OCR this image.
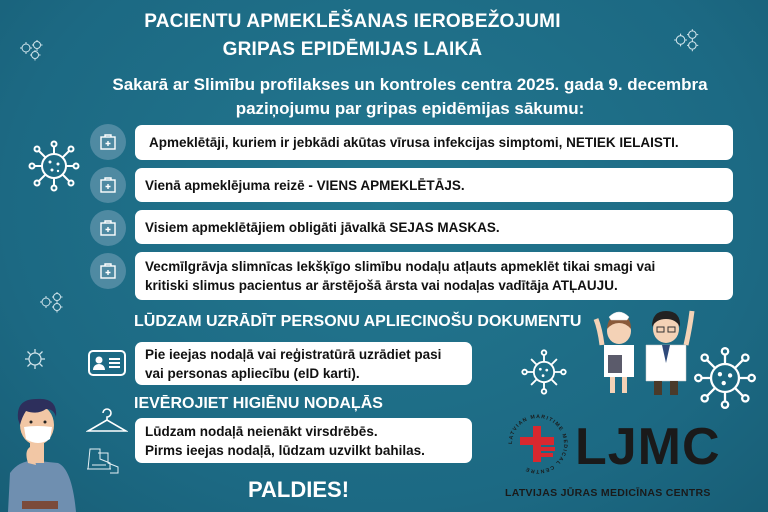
PACIENTU APMEKLĒŠANAS IEROBEŽOJUMI
GRIPAS EPIDĒMIJAS LAIKĀ
Sakarā ar Slimību profilakses un kontroles centra 2025. gada 9. decembra
paziņojumu par gripas epidēmijas sākumu:
Apmeklētāji, kuriem ir jebkādi akūtas vīrusa infekcijas simptomi, NETIEK IELAISTI.
Vienā apmeklējuma reizē - VIENS APMEKLĒTĀJS.
Visiem apmeklētājiem obligāti jāvalkā SEJAS MASKAS.
Vecmīlgrāvja slimnīcas Iekšķīgo slimību nodaļu atļauts apmeklēt tikai smagi vai
kritiski slimus pacientus ar ārstējošā ārsta vai nodaļas vadītāja ATĻAUJU.
LŪDZAM UZRĀDĪT PERSONU APLIECINOŠU DOKUMENTU
Pie ieejas nodaļā vai reģistratūrā uzrādiet pasi
vai personas apliecību (eID karti).
IEVĒROJIET HIGIĒNU NODAĻĀS
Lūdzam nodaļā neienākt virsdrēbēs.
Pirms ieejas nodaļā, lūdzam uzvilkt bahilas.
PALDIES!
LATVIAN MARITIME MEDICAL CENTRE LJMC
LATVIJAS JŪRAS MEDICĪNAS CENTRS
